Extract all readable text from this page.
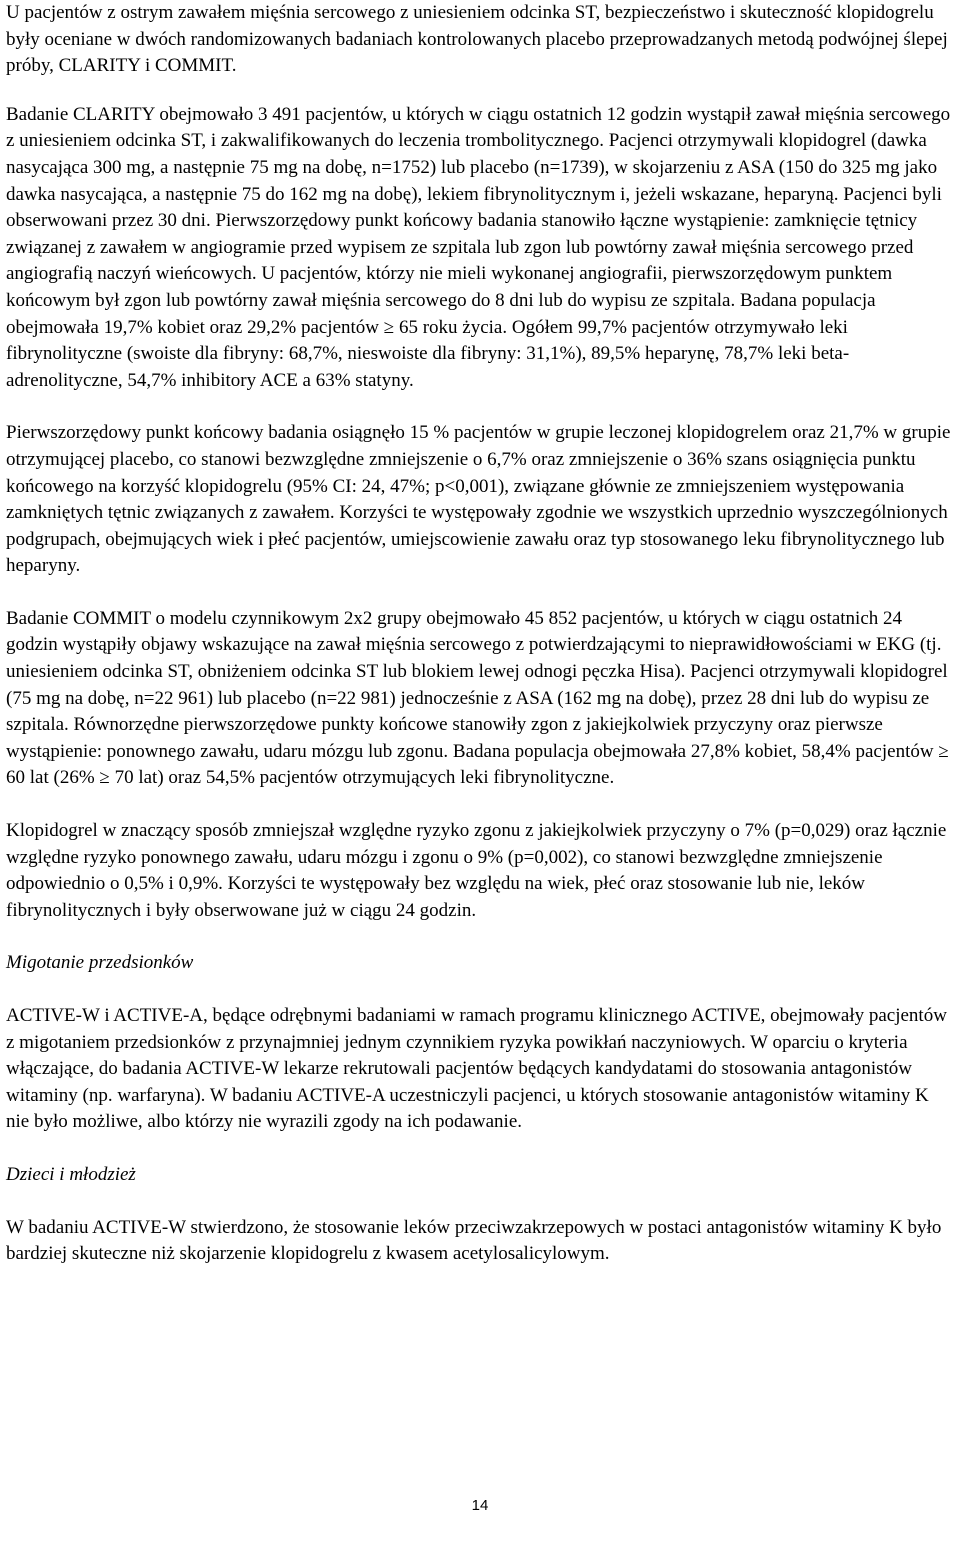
U pacjentów z ostrym zawałem mięśnia sercowego z uniesieniem odcinka ST, bezpieczeństwo i skuteczność klopidogrelu były oceniane w dwóch randomizowanych badaniach kontrolowanych placebo przeprowadzanych metodą podwójnej ślepej próby, CLARITY i COMMIT.

Badanie CLARITY obejmowało 3 491 pacjentów, u których w ciągu ostatnich 12 godzin wystąpił zawał mięśnia sercowego z uniesieniem odcinka ST, i zakwalifikowanych do leczenia trombolitycznego. Pacjenci otrzymywali klopidogrel (dawka nasycająca 300 mg, a następnie 75 mg na dobę, n=1752) lub placebo (n=1739), w skojarzeniu z ASA (150 do 325 mg jako dawka nasycająca, a następnie 75 do 162 mg na dobę), lekiem fibrynolitycznym i, jeżeli wskazane, heparyną. Pacjenci byli obserwowani przez 30 dni. Pierwszorzędowy punkt końcowy badania stanowiło łączne wystąpienie: zamknięcie tętnicy związanej z zawałem w angiogramie przed wypisem ze szpitala lub zgon lub powtórny zawał mięśnia sercowego przed angiografią naczyń wieńcowych. U pacjentów, którzy nie mieli wykonanej angiografii, pierwszorzędowym punktem końcowym był zgon lub powtórny zawał mięśnia sercowego do 8 dni lub do wypisu ze szpitala. Badana populacja obejmowała 19,7% kobiet oraz 29,2% pacjentów ≥ 65 roku życia. Ogółem 99,7% pacjentów otrzymywało leki fibrynolityczne (swoiste dla fibryny: 68,7%, nieswoiste dla fibryny: 31,1%), 89,5% heparynę, 78,7% leki beta-adrenolityczne, 54,7% inhibitory ACE a 63% statyny.

Pierwszorzędowy punkt końcowy badania osiągnęło 15 % pacjentów w grupie leczonej klopidogrelem oraz 21,7% w grupie otrzymującej placebo, co stanowi bezwzględne zmniejszenie o 6,7% oraz zmniejszenie o 36% szans osiągnięcia punktu końcowego na korzyść klopidogrelu (95% CI: 24, 47%; p<0,001), związane głównie ze zmniejszeniem występowania zamkniętych tętnic związanych z zawałem. Korzyści te występowały zgodnie we wszystkich uprzednio wyszczególnionych podgrupach, obejmujących wiek i płeć pacjentów, umiejscowienie zawału oraz typ stosowanego leku fibrynolitycznego lub heparyny.

Badanie COMMIT o modelu czynnikowym 2x2 grupy obejmowało 45 852 pacjentów, u których w ciągu ostatnich 24 godzin wystąpiły objawy wskazujące na zawał mięśnia sercowego z potwierdzającymi to nieprawidłowościami w EKG (tj. uniesieniem odcinka ST, obniżeniem odcinka ST lub blokiem lewej odnogi pęczka Hisa). Pacjenci otrzymywali klopidogrel (75 mg na dobę, n=22 961) lub placebo (n=22 981) jednocześnie z ASA (162 mg na dobę), przez 28 dni lub do wypisu ze szpitala. Równorzędne pierwszorzędowe punkty końcowe stanowiły zgon z jakiejkolwiek przyczyny oraz pierwsze wystąpienie: ponownego zawału, udaru mózgu lub zgonu. Badana populacja obejmowała 27,8% kobiet, 58,4% pacjentów ≥ 60 lat (26% ≥ 70 lat) oraz 54,5% pacjentów otrzymujących leki fibrynolityczne.

Klopidogrel w znaczący sposób zmniejszał względne ryzyko zgonu z jakiejkolwiek przyczyny o 7% (p=0,029) oraz łącznie względne ryzyko ponownego zawału, udaru mózgu i zgonu o 9% (p=0,002), co stanowi bezwzględne zmniejszenie odpowiednio o 0,5% i 0,9%. Korzyści te występowały bez względu na wiek, płeć oraz stosowanie lub nie, leków fibrynolitycznych i były obserwowane już w ciągu 24 godzin.

Migotanie przedsionków

ACTIVE-W i ACTIVE-A, będące odrębnymi badaniami w ramach programu klinicznego ACTIVE, obejmowały pacjentów z migotaniem przedsionków z przynajmniej jednym czynnikiem ryzyka powikłań naczyniowych. W oparciu o kryteria włączające, do badania ACTIVE-W lekarze rekrutowali pacjentów będących kandydatami do stosowania antagonistów witaminy (np. warfaryna). W badaniu ACTIVE-A uczestniczyli pacjenci, u których stosowanie antagonistów witaminy K nie było możliwe, albo którzy nie wyrazili zgody na ich podawanie.

Dzieci i młodzież

W badaniu ACTIVE-W stwierdzono, że stosowanie leków przeciwzakrzepowych w postaci antagonistów witaminy K było bardziej skuteczne niż skojarzenie klopidogrelu z kwasem acetylosalicylowym.

14
